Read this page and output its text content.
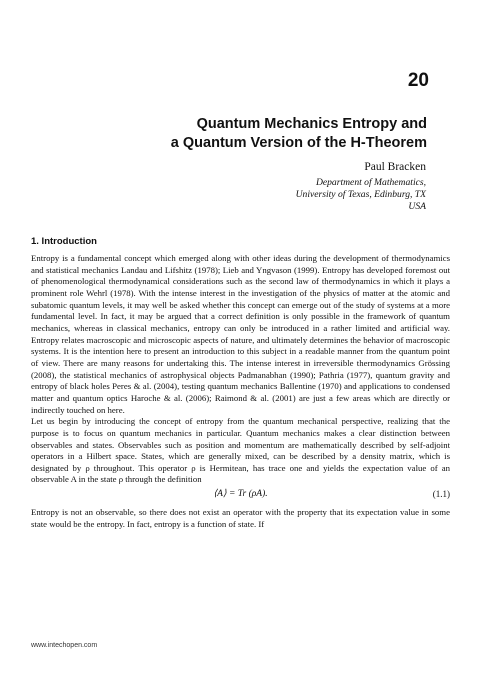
20
Quantum Mechanics Entropy and
a Quantum Version of the H-Theorem
Paul Bracken
Department of Mathematics,
University of Texas, Edinburg, TX
USA
1. Introduction

Entropy is a fundamental concept which emerged along with other ideas during the development of thermodynamics and statistical mechanics Landau and Lifshitz (1978); Lieb and Yngvason (1999). Entropy has developed foremost out of phenomenological thermodynamical considerations such as the second law of thermodynamics in which it plays a prominent role Wehrl (1978). With the intense interest in the investigation of the physics of matter at the atomic and subatomic quantum levels, it may well be asked whether this concept can emerge out of the study of systems at a more fundamental level. In fact, it may be argued that a correct definition is only possible in the framework of quantum mechanics, whereas in classical mechanics, entropy can only be introduced in a rather limited and artificial way. Entropy relates macroscopic and microscopic aspects of nature, and ultimately determines the behavior of macroscopic systems. It is the intention here to present an introduction to this subject in a readable manner from the quantum point of view. There are many reasons for undertaking this. The intense interest in irreversible thermodynamics Grössing (2008), the statistical mechanics of astrophysical objects Padmanabhan (1990); Pathria (1977), quantum gravity and entropy of black holes Peres & al. (2004), testing quantum mechanics Ballentine (1970) and applications to condensed matter and quantum optics Haroche & al. (2006); Raimond & al. (2001) are just a few areas which are directly or indirectly touched on here.

Let us begin by introducing the concept of entropy from the quantum mechanical perspective, realizing that the purpose is to focus on quantum mechanics in particular. Quantum mechanics makes a clear distinction between observables and states. Observables such as position and momentum are mathematically described by self-adjoint operators in a Hilbert space. States, which are generally mixed, can be described by a density matrix, which is designated by ρ throughout. This operator ρ is Hermitean, has trace one and yields the expectation value of an observable A in the state ρ through the definition

⟨A⟩ = Tr (ρA).	(1.1)

Entropy is not an observable, so there does not exist an operator with the property that its expectation value in some state would be the entropy. In fact, entropy is a function of state. If

www.intechopen.com
